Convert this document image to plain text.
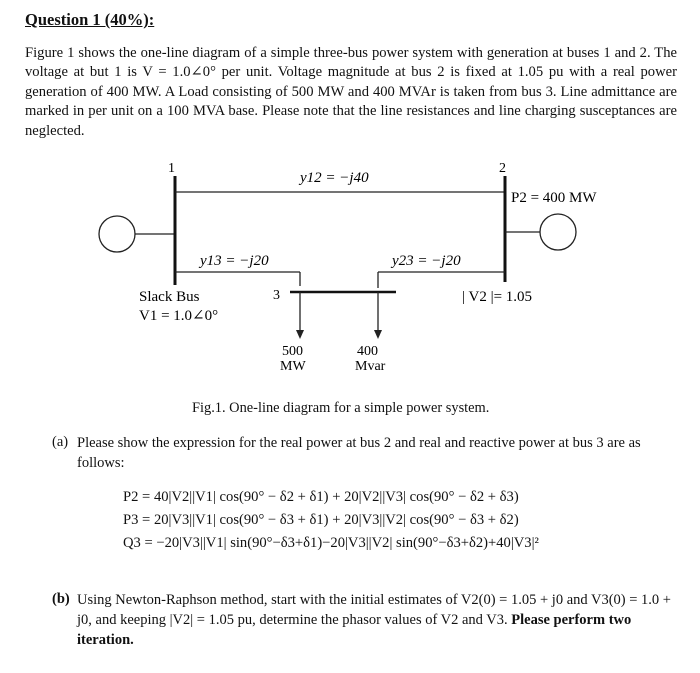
Question 1 (40%):
Figure 1 shows the one-line diagram of a simple three-bus power system with generation at buses 1 and 2. The voltage at but 1 is V = 1.0∠0° per unit. Voltage magnitude at bus 2 is fixed at 1.05 pu with a real power generation of 400 MW. A Load consisting of 500 MW and 400 MVAr is taken from bus 3. Line admittance are marked in per unit on a 100 MVA base. Please note that the line resistances and line charging susceptances are neglected.
1	2
3
y12 = −j40
y13 = −j20	y23 = −j20
P2 = 400 MW
| V2 |= 1.05
Slack Bus
V1 = 1.0∠0°
500
MW
400
Mvar
Fig.1. One-line diagram for a simple power system.
(a) Please show the expression for the real power at bus 2 and real and reactive power at bus 3 are as follows:
P2 = 40|V2||V1| cos(90° − δ2 + δ1) + 20|V2||V3| cos(90° − δ2 + δ3)
P3 = 20|V3||V1| cos(90° − δ3 + δ1) + 20|V3||V2| cos(90° − δ3 + δ2)
Q3 = −20|V3||V1| sin(90°−δ3+δ1)−20|V3||V2| sin(90°−δ3+δ2)+40|V3|²
(b) Using Newton-Raphson method, start with the initial estimates of V2(0) = 1.05 + j0 and V3(0) = 1.0 + j0, and keeping |V2| = 1.05 pu, determine the phasor values of V2 and V3. Please perform two iteration.
